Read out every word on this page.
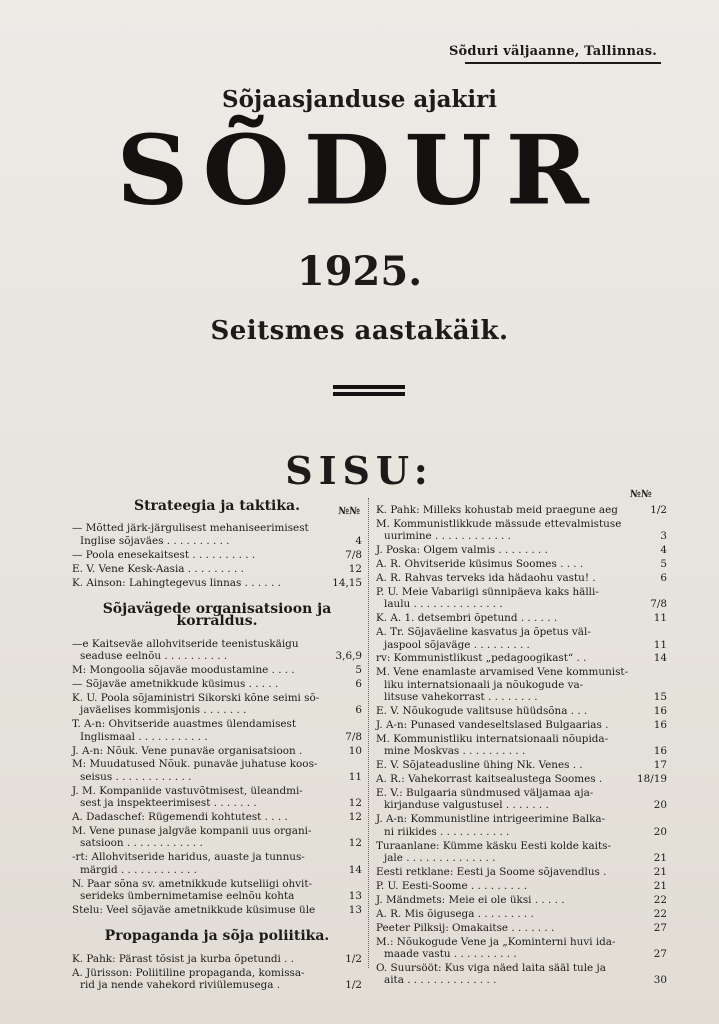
Sõduri väljaanne, Tallinnas.
Sõjaasjanduse ajakiri
SÕDUR
1925.
Seitsmes aastakäik.
SISU:
№№
Strateegia ja taktika.	№№
— Mõtted järk-järgulisest mehaniseerimisest
Inglise sõjaväes . . . . . . . . . .	4
— Poola enesekaitsest . . . . . . . . . .	7/8
E. V. Vene Kesk-Aasia . . . . . . . . .	12
K. Ainson: Lahingtegevus linnas . . . . . .	14,15
Sõjavägede organisatsioon ja korraldus.
—e Kaitseväe allohvitseride teenistuskäigu
seaduse eelnõu . . . . . . . . . .	3,6,9
M: Mongoolia sõjaväe moodustamine . . . .	5
— Sõjaväe ametnikkude küsimus . . . . .	6
K. U. Poola sõjaministri Sikorski kõne seimi sõ-
javäelises kommisjonis . . . . . . .	6
T. A-n: Ohvitseride auastmes ülendamisest
Inglismaal . . . . . . . . . . .	7/8
J. A-n: Nõuk. Vene punaväe organisatsioon .	10
M: Muudatused Nõuk. punaväe juhatuse koos-
seisus . . . . . . . . . . . .	11
J. M. Kompaniide vastuvõtmisest, üleandmi-
sest ja inspekteerimisest . . . . . . .	12
A. Dadaschef: Rügemendi kohtutest . . . .	12
M. Vene punase jalgväe kompanii uus organi-
satsioon . . . . . . . . . . . .	12
-rt: Allohvitseride haridus, auaste ja tunnus-
märgid . . . . . . . . . . . .	14
N. Paar sõna sv. ametnikkude kutseliigi ohvit-
serideks ümbernimetamise eelnõu kohta	13
Stelu: Veel sõjaväe ametnikkude küsimuse üle	13
Propaganda ja sõja poliitika.
K. Pahk: Pärast tõsist ja kurba õpetundi . .	1/2
A. Jürisson: Poliitiline propaganda, komissa-
rid ja nende vahekord riviülemusega .	1/2
K. Pahk: Milleks kohustab meid praegune aeg	1/2
M. Kommunistlikkude mässude ettevalmistuse
uurimine . . . . . . . . . . . .	3
J. Poska: Olgem valmis . . . . . . . .	4
A. R. Ohvitseride küsimus Soomes . . . .	5
A. R. Rahvas terveks ida hädaohu vastu! .	6
P. U. Meie Vabariigi sünnipäeva kaks hälli-
laulu . . . . . . . . . . . . . .	7/8
K. A. 1. detsembri õpetund . . . . . .	11
A. Tr. Sõjaväeline kasvatus ja õpetus väl-
jaspool sõjaväge . . . . . . . . .	11
rv: Kommunistlikust „pedagoogikast“ . .	14
M. Vene enamlaste arvamised Vene kommunist-
liku internatsionaali ja nõukogude va-
litsuse vahekorrast . . . . . . . .	15
E. V. Nõukogude valitsuse hüüdsõna . . .	16
J. A-n: Punased vandeseltslased Bulgaarias .	16
M. Kommunistliku internatsionaali nõupida-
mine Moskvas . . . . . . . . . .	16
E. V. Sõjateaduslinе ühing Nk. Venes . .	17
A. R.: Vahekorrast kaitsealustega Soomes .	18/19
E. V.: Bulgaaria sündmused väljamaa aja-
kirjanduse valgustusel . . . . . . .	20
J. A-n: Kommunistline intrigeerimine Balka-
ni riikides . . . . . . . . . . .	20
Turaanlane: Kümme käsku Eesti kolde kaits-
jale . . . . . . . . . . . . . .	21
Eesti retklane: Eesti ja Soome sõjavendlus .	21
P. U. Eesti-Soome . . . . . . . . .	21
J. Mändmets: Meie ei ole üksi . . . . .	22
A. R. Mis õigusega . . . . . . . . .	22
Peeter Pilksij: Omakaitse . . . . . . .	27
M.: Nõukogude Vene ja „Kominterni huvi ida-
maade vastu . . . . . . . . . .	27
O. Suursööt: Kus viga näed laita sääl tule ja
aita . . . . . . . . . . . . . .	30
